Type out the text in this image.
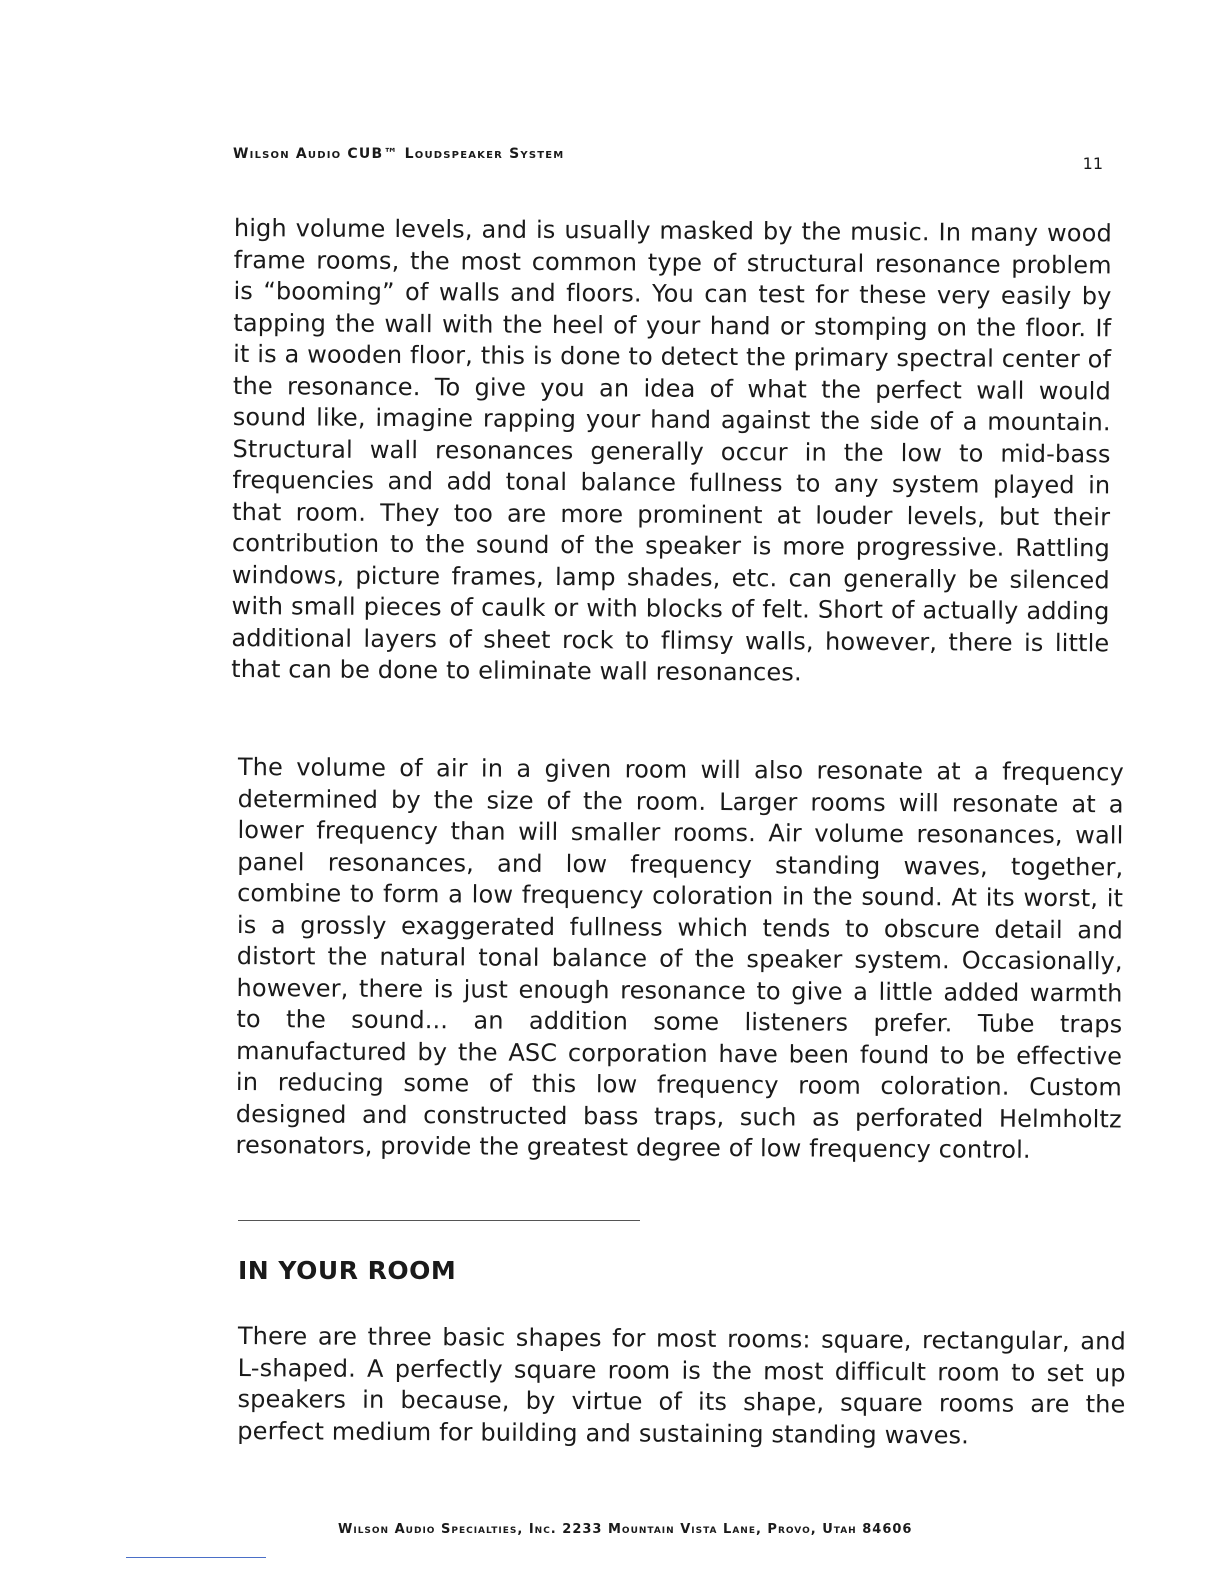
Wilson Audio CUB™ Loudspeaker System	11

high volume levels, and is usually masked by the music. In many wood frame rooms, the most common type of structural resonance problem is “booming” of walls and floors. You can test for these very easily by tapping the wall with the heel of your hand or stomping on the floor. If it is a wooden floor, this is done to detect the primary spectral center of the resonance. To give you an idea of what the perfect wall would sound like, imagine rapping your hand against the side of a mountain. Structural wall resonances generally occur in the low to mid-bass frequencies and add tonal balance fullness to any system played in that room. They too are more prominent at louder levels, but their contribution to the sound of the speaker is more progressive. Rattling windows, picture frames, lamp shades, etc. can generally be silenced with small pieces of caulk or with blocks of felt. Short of actually adding additional layers of sheet rock to flimsy walls, however, there is little that can be done to eliminate wall resonances.

The volume of air in a given room will also resonate at a frequency determined by the size of the room. Larger rooms will resonate at a lower frequency than will smaller rooms. Air volume resonances, wall panel resonances, and low frequency standing waves, together, combine to form a low frequency coloration in the sound. At its worst, it is a grossly exaggerated fullness which tends to obscure detail and distort the natural tonal balance of the speaker system. Occasionally, however, there is just enough resonance to give a little added warmth to the sound... an addition some listeners prefer. Tube traps manufactured by the ASC corporation have been found to be effective in reducing some of this low frequency room coloration. Custom designed and constructed bass traps, such as perforated Helmholtz resonators, provide the greatest degree of low frequency control.

IN YOUR ROOM

There are three basic shapes for most rooms: square, rectangular, and L-shaped. A perfectly square room is the most difficult room to set up speakers in because, by virtue of its shape, square rooms are the perfect medium for building and sustaining standing waves.

Wilson Audio Specialties, Inc. 2233 Mountain Vista Lane, Provo, Utah 84606
